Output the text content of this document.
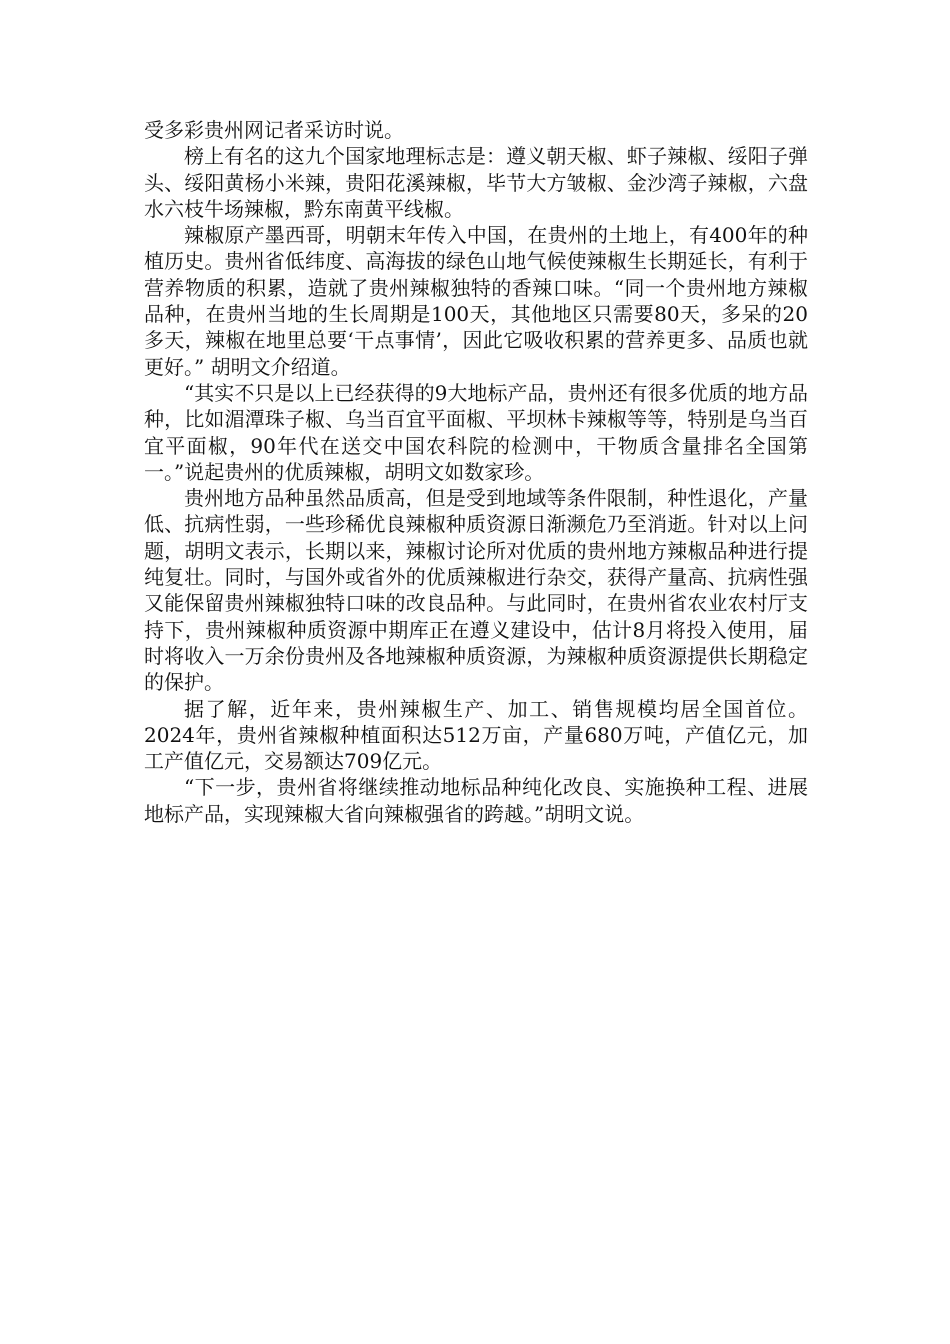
受多彩贵州网记者采访时说。

榜上有名的这九个国家地理标志是：遵义朝天椒、虾子辣椒、绥阳子弹头、绥阳黄杨小米辣，贵阳花溪辣椒，毕节大方皱椒、金沙湾子辣椒，六盘水六枝牛场辣椒，黔东南黄平线椒。

辣椒原产墨西哥，明朝末年传入中国，在贵州的土地上，有400年的种植历史。贵州省低纬度、高海拔的绿色山地气候使辣椒生长期延长，有利于营养物质的积累，造就了贵州辣椒独特的香辣口味。“同一个贵州地方辣椒品种，在贵州当地的生长周期是100天，其他地区只需要80天，多呆的20多天，辣椒在地里总要‘干点事情’，因此它吸收积累的营养更多、品质也就更好。” 胡明文介绍道。

“其实不只是以上已经获得的9大地标产品，贵州还有很多优质的地方品种，比如湄潭珠子椒、乌当百宜平面椒、平坝林卡辣椒等等，特别是乌当百宜平面椒，90年代在送交中国农科院的检测中，干物质含量排名全国第一。”说起贵州的优质辣椒，胡明文如数家珍。

贵州地方品种虽然品质高，但是受到地域等条件限制，种性退化，产量低、抗病性弱，一些珍稀优良辣椒种质资源日渐濒危乃至消逝。针对以上问题，胡明文表示，长期以来，辣椒讨论所对优质的贵州地方辣椒品种进行提纯复壮。同时，与国外或省外的优质辣椒进行杂交，获得产量高、抗病性强又能保留贵州辣椒独特口味的改良品种。与此同时，在贵州省农业农村厅支持下，贵州辣椒种质资源中期库正在遵义建设中，估计8月将投入使用，届时将收入一万余份贵州及各地辣椒种质资源，为辣椒种质资源提供长期稳定的保护。

据了解，近年来，贵州辣椒生产、加工、销售规模均居全国首位。2024年，贵州省辣椒种植面积达512万亩，产量680万吨，产值亿元，加工产值亿元，交易额达709亿元。

“下一步，贵州省将继续推动地标品种纯化改良、实施换种工程、进展地标产品，实现辣椒大省向辣椒强省的跨越。”胡明文说。
